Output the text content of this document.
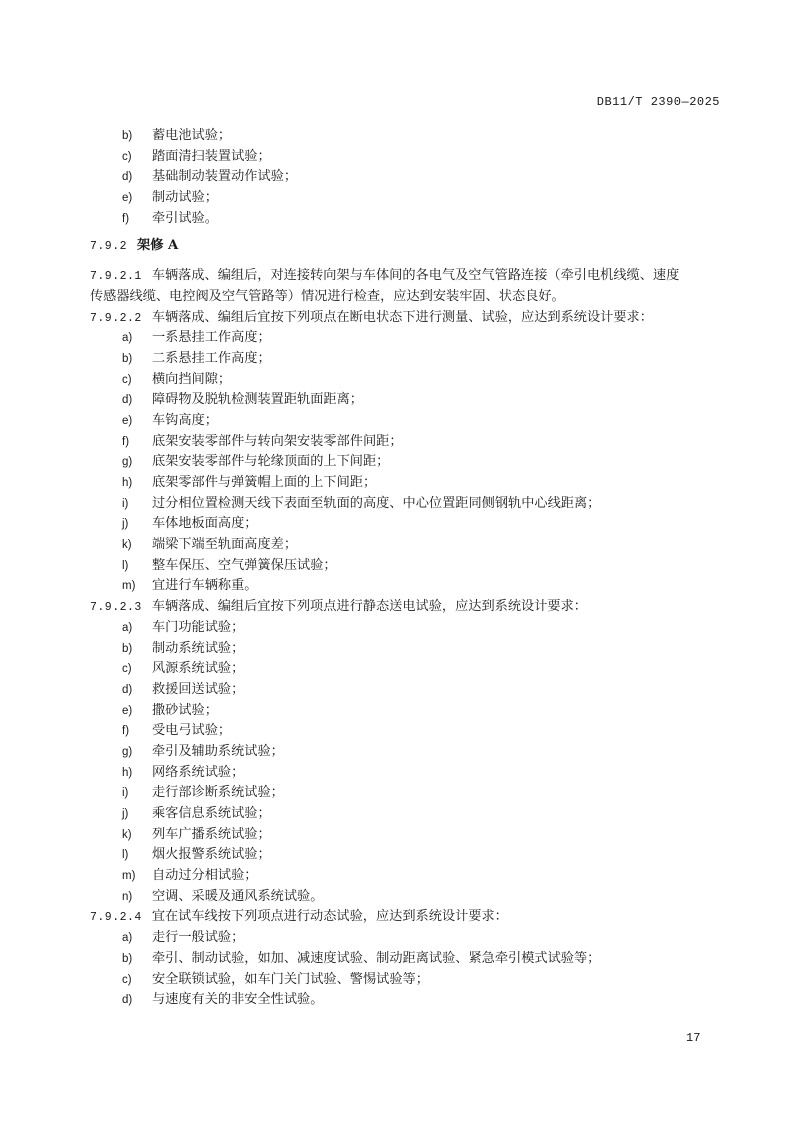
DB11/T 2390—2025
b) 蓄电池试验；
c) 踏面清扫装置试验；
d) 基础制动装置动作试验；
e) 制动试验；
f) 牵引试验。
7.9.2 架修 A
7.9.2.1 车辆落成、编组后，对连接转向架与车体间的各电气及空气管路连接（牵引电机线缆、速度
传感器线缆、电控阀及空气管路等）情况进行检查，应达到安装牢固、状态良好。
7.9.2.2 车辆落成、编组后宜按下列项点在断电状态下进行测量、试验，应达到系统设计要求：
a) 一系悬挂工作高度；
b) 二系悬挂工作高度；
c) 横向挡间隙；
d) 障碍物及脱轨检测装置距轨面距离；
e) 车钩高度；
f) 底架安装零部件与转向架安装零部件间距；
g) 底架安装零部件与轮缘顶面的上下间距；
h) 底架零部件与弹簧帽上面的上下间距；
i) 过分相位置检测天线下表面至轨面的高度、中心位置距同侧钢轨中心线距离；
j) 车体地板面高度；
k) 端梁下端至轨面高度差；
l) 整车保压、空气弹簧保压试验；
m) 宜进行车辆称重。
7.9.2.3 车辆落成、编组后宜按下列项点进行静态送电试验，应达到系统设计要求：
a) 车门功能试验；
b) 制动系统试验；
c) 风源系统试验；
d) 救援回送试验；
e) 撒砂试验；
f) 受电弓试验；
g) 牵引及辅助系统试验；
h) 网络系统试验；
i) 走行部诊断系统试验；
j) 乘客信息系统试验；
k) 列车广播系统试验；
l) 烟火报警系统试验；
m) 自动过分相试验；
n) 空调、采暖及通风系统试验。
7.9.2.4 宜在试车线按下列项点进行动态试验，应达到系统设计要求：
a) 走行一般试验；
b) 牵引、制动试验，如加、减速度试验、制动距离试验、紧急牵引模式试验等；
c) 安全联锁试验，如车门关门试验、警惕试验等；
d) 与速度有关的非安全性试验。
17
